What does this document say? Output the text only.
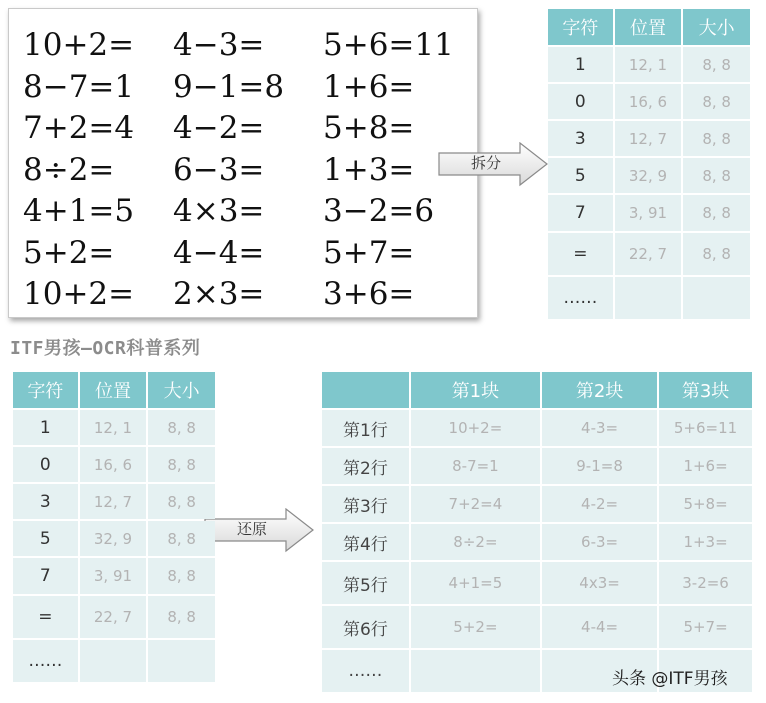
10+2=	4−3=	5+6=11
8−7=1	9−1=8	1+6=
7+2=4	4−2=	5+8=
8÷2=	6−3=	1+3=
4+1=5	4×3=	3−2=6
5+2=	4−4=	5+7=
10+2=	2×3=	3+6=
拆分
还原
ITF男孩—OCR科普系列
字符	位置	大小
1	12, 1	8, 8
0	16, 6	8, 8
3	12, 7	8, 8
5	32, 9	8, 8
7	3, 91	8, 8
=	22, 7	8, 8
……		
字符	位置	大小
1	12, 1	8, 8
0	16, 6	8, 8
3	12, 7	8, 8
5	32, 9	8, 8
7	3, 91	8, 8
=	22, 7	8, 8
……		
	第1块	第2块	第3块
第1行	10+2=	4-3=	5+6=11
第2行	8-7=1	9-1=8	1+6=
第3行	7+2=4	4-2=	5+8=
第4行	8÷2=	6-3=	1+3=
第5行	4+1=5	4x3=	3-2=6
第6行	5+2=	4-4=	5+7=
……				头条 @ITF男孩
